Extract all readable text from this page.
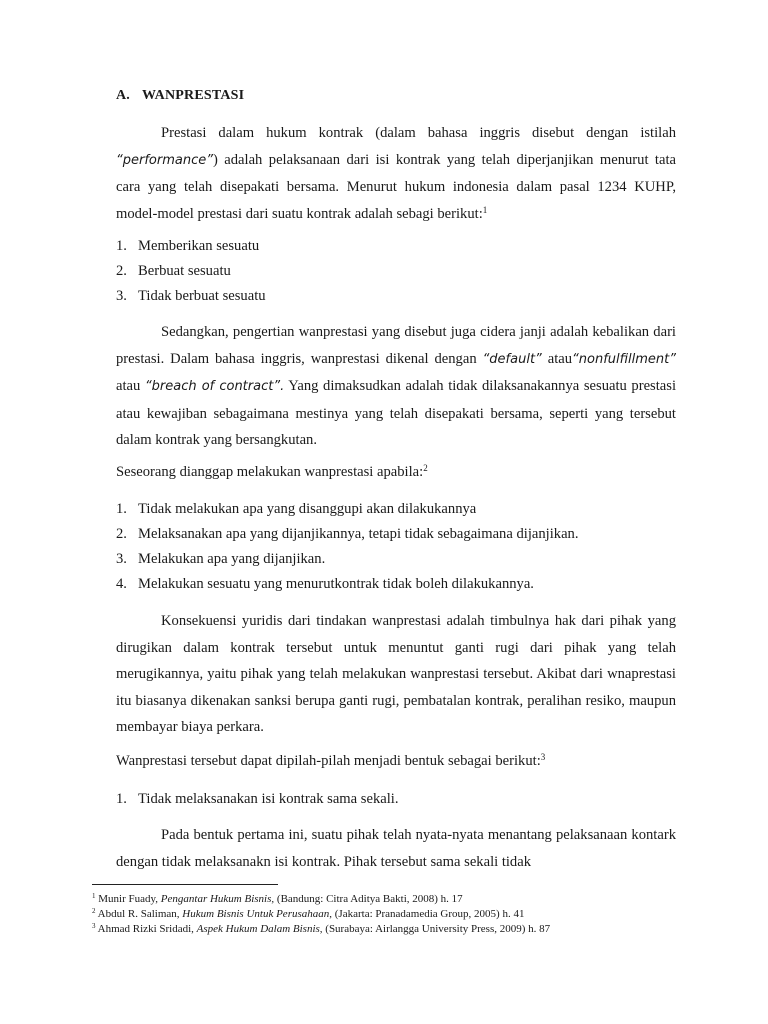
A. WANPRESTASI

Prestasi dalam hukum kontrak (dalam bahasa inggris disebut dengan istilah “performance”) adalah pelaksanaan dari isi kontrak yang telah diperjanjikan menurut tata cara yang telah disepakati bersama. Menurut hukum indonesia dalam pasal 1234 KUHP, model-model prestasi dari suatu kontrak adalah sebagi berikut:$^1$

1. Memberikan sesuatu
2. Berbuat sesuatu
3. Tidak berbuat sesuatu

Sedangkan, pengertian wanprestasi yang disebut juga cidera janji adalah kebalikan dari prestasi. Dalam bahasa inggris, wanprestasi dikenal dengan “default” atau“nonfulfillment” atau “breach of contract”. Yang dimaksudkan adalah tidak dilaksanakannya sesuatu prestasi atau kewajiban sebagaimana mestinya yang telah disepakati bersama, seperti yang tersebut dalam kontrak yang bersangkutan.

Seseorang dianggap melakukan wanprestasi apabila:$^2$

1. Tidak melakukan apa yang disanggupi akan dilakukannya
2. Melaksanakan apa yang dijanjikannya, tetapi tidak sebagaimana dijanjikan.
3. Melakukan apa yang dijanjikan.
4. Melakukan sesuatu yang menurutkontrak tidak boleh dilakukannya.

Konsekuensi yuridis dari tindakan wanprestasi adalah timbulnya hak dari pihak yang dirugikan dalam kontrak tersebut untuk menuntut ganti rugi dari pihak yang telah merugikannya, yaitu pihak yang telah melakukan wanprestasi tersebut. Akibat dari wnaprestasi itu biasanya dikenakan sanksi berupa ganti rugi, pembatalan kontrak, peralihan resiko, maupun membayar biaya perkara.

Wanprestasi tersebut dapat dipilah-pilah menjadi bentuk sebagai berikut:$^3$

1. Tidak melaksanakan isi kontrak sama sekali.

Pada bentuk pertama ini, suatu pihak telah nyata-nyata menantang pelaksanaan kontark dengan tidak melaksanakn isi kontrak. Pihak tersebut sama sekali tidak

$^1$ Munir Fuady, Pengantar Hukum Bisnis, (Bandung: Citra Aditya Bakti, 2008) h. 17
$^2$ Abdul R. Saliman, Hukum Bisnis Untuk Perusahaan, (Jakarta: Pranadamedia Group, 2005) h. 41
$^3$ Ahmad Rizki Sridadi, Aspek Hukum Dalam Bisnis, (Surabaya: Airlangga University Press, 2009) h. 87
